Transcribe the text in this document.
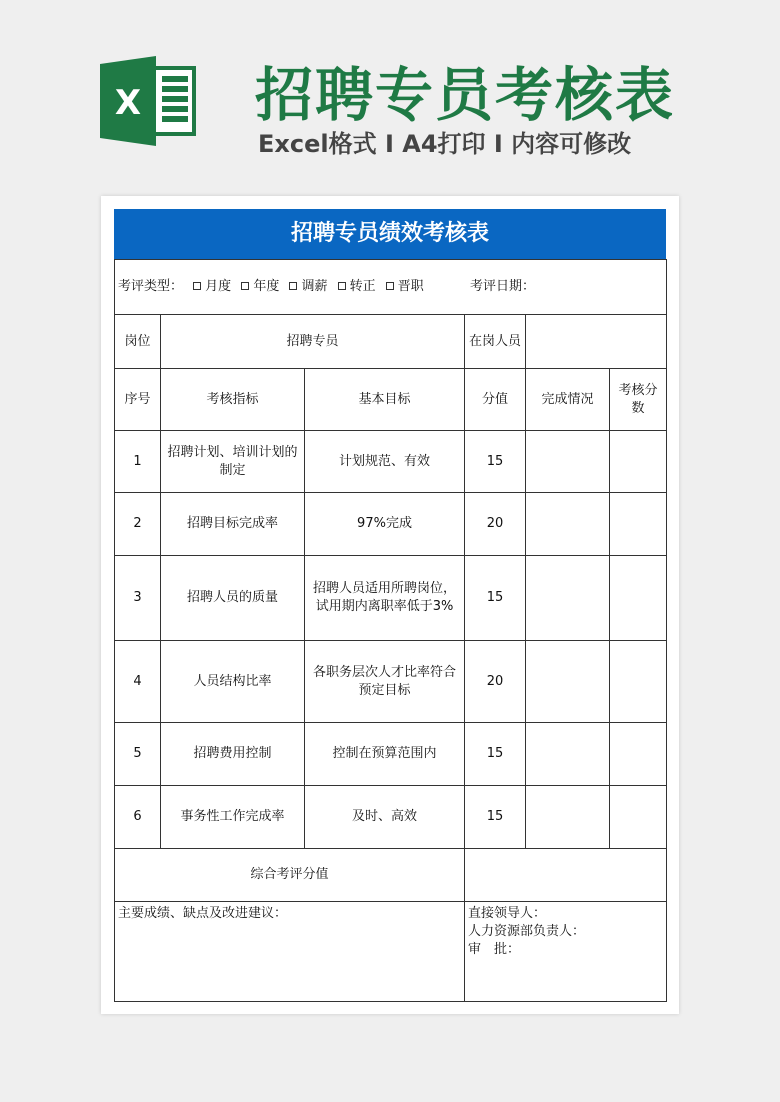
X 招聘专员考核表
Excel格式 I A4打印 I 内容可修改
招聘专员绩效考核表
考评类型： 月度 年度 调薪 转正 晋职 考评日期：					
岗位	招聘专员		在岗人员		
序号	考核指标	基本目标	分值	完成情况	考核分数
1	招聘计划、培训计划的制定	计划规范、有效	15		
2	招聘目标完成率	97%完成	20		
3	招聘人员的质量	招聘人员适用所聘岗位，试用期内离职率低于3%	15		
4	人员结构比率	各职务层次人才比率符合预定目标	20		
5	招聘费用控制	控制在预算范围内	15		
6	事务性工作完成率	及时、高效	15		
综合考评分值					
主要成绩、缺点及改进建议：			直接领导人：
人力资源部负责人：
审　批：		
